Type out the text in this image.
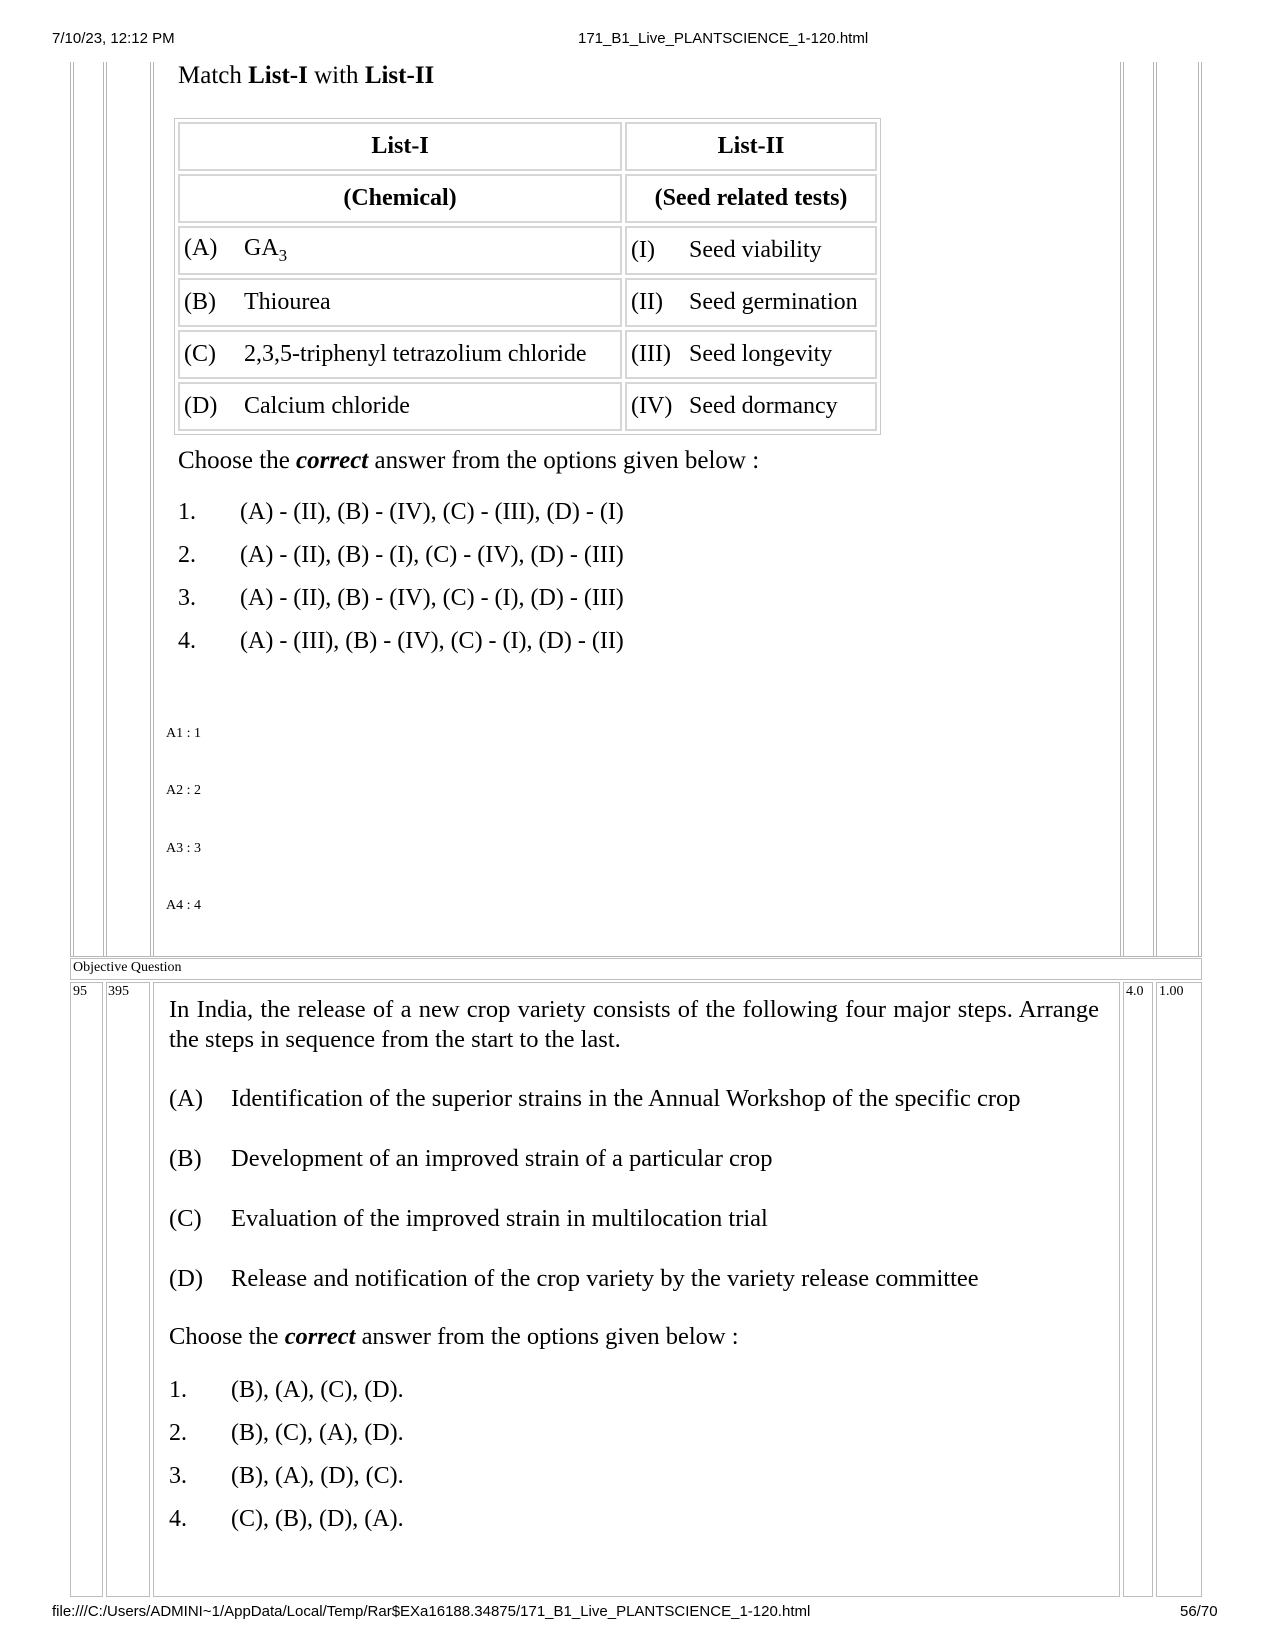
7/10/23, 12:12 PM	171_B1_Live_PLANTSCIENCE_1-120.html
file:///C:/Users/ADMINI~1/AppData/Local/Temp/Rar$EXa16188.34875/171_B1_Live_PLANTSCIENCE_1-120.html	56/70
Match List-I with List-II
List-I	List-II
(Chemical)	(Seed related tests)
(A) $GA_3$	(I) Seed viability
(B) Thiourea	(II) Seed germination
(C) 2,3,5-triphenyl tetrazolium chloride	(III) Seed longevity
(D) Calcium chloride	(IV) Seed dormancy
Choose the correct answer from the options given below :
1. (A) - (II), (B) - (IV), (C) - (III), (D) - (I)
2. (A) - (II), (B) - (I), (C) - (IV), (D) - (III)
3. (A) - (II), (B) - (IV), (C) - (I), (D) - (III)
4. (A) - (III), (B) - (IV), (C) - (I), (D) - (II)
A1 : 1
A2 : 2
A3 : 3
A4 : 4
Objective Question
95 395	4.0 1.00
In India, the release of a new crop variety consists of the following four major steps. Arrange the steps in sequence from the start to the last.
(A) Identification of the superior strains in the Annual Workshop of the specific crop
(B) Development of an improved strain of a particular crop
(C) Evaluation of the improved strain in multilocation trial
(D) Release and notification of the crop variety by the variety release committee
Choose the correct answer from the options given below :
1. (B), (A), (C), (D).
2. (B), (C), (A), (D).
3. (B), (A), (D), (C).
4. (C), (B), (D), (A).
